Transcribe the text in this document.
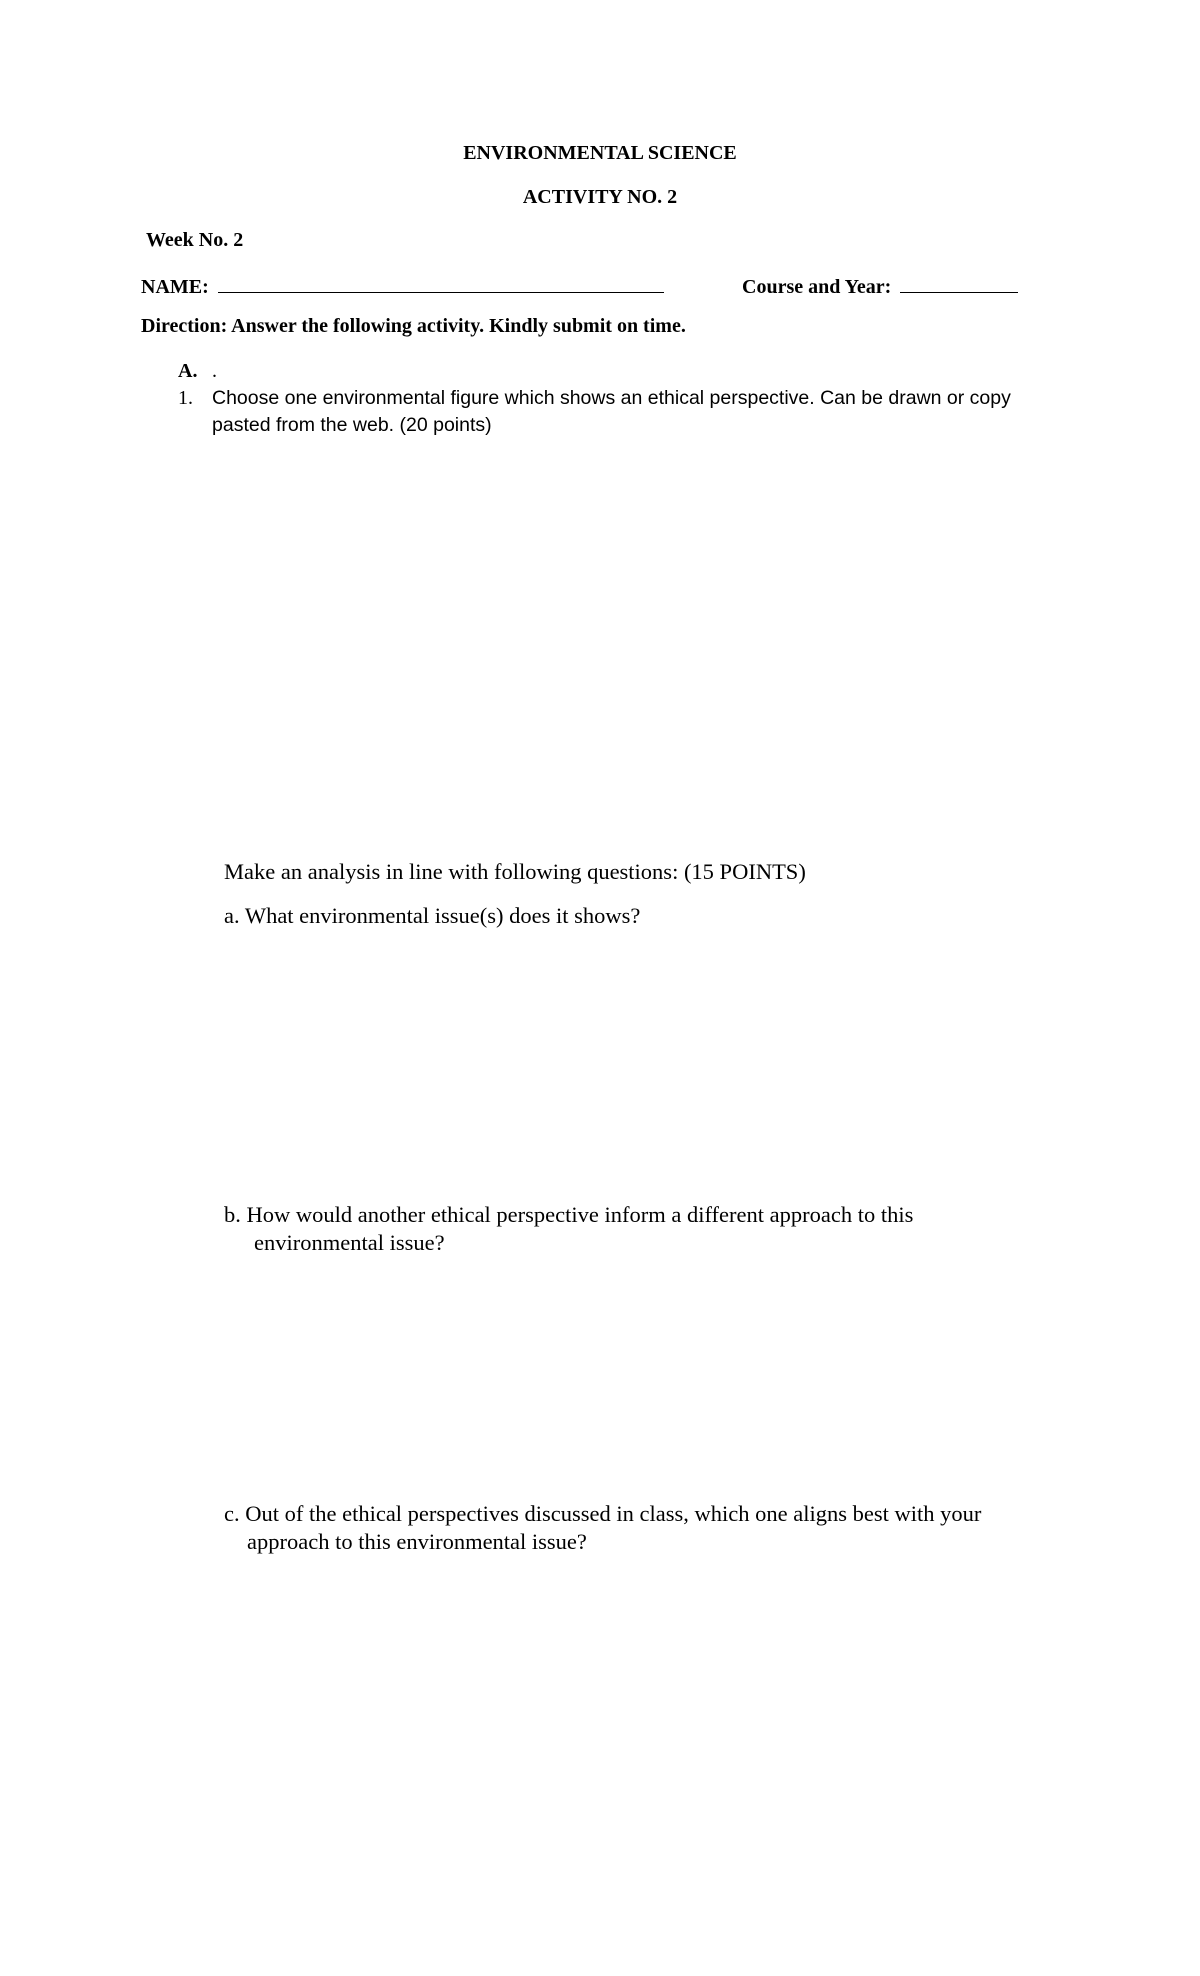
ENVIRONMENTAL SCIENCE
ACTIVITY NO. 2
Week No. 2
NAME:	Course and Year:
Direction: Answer the following activity. Kindly submit on time.
A. .
1. Choose one environmental figure which shows an ethical perspective. Can be drawn or copy
pasted from the web. (20 points)
Make an analysis in line with following questions: (15 POINTS)
a. What environmental issue(s) does it shows?
b. How would another ethical perspective inform a different approach to this
environmental issue?
c. Out of the ethical perspectives discussed in class, which one aligns best with your
approach to this environmental issue?
